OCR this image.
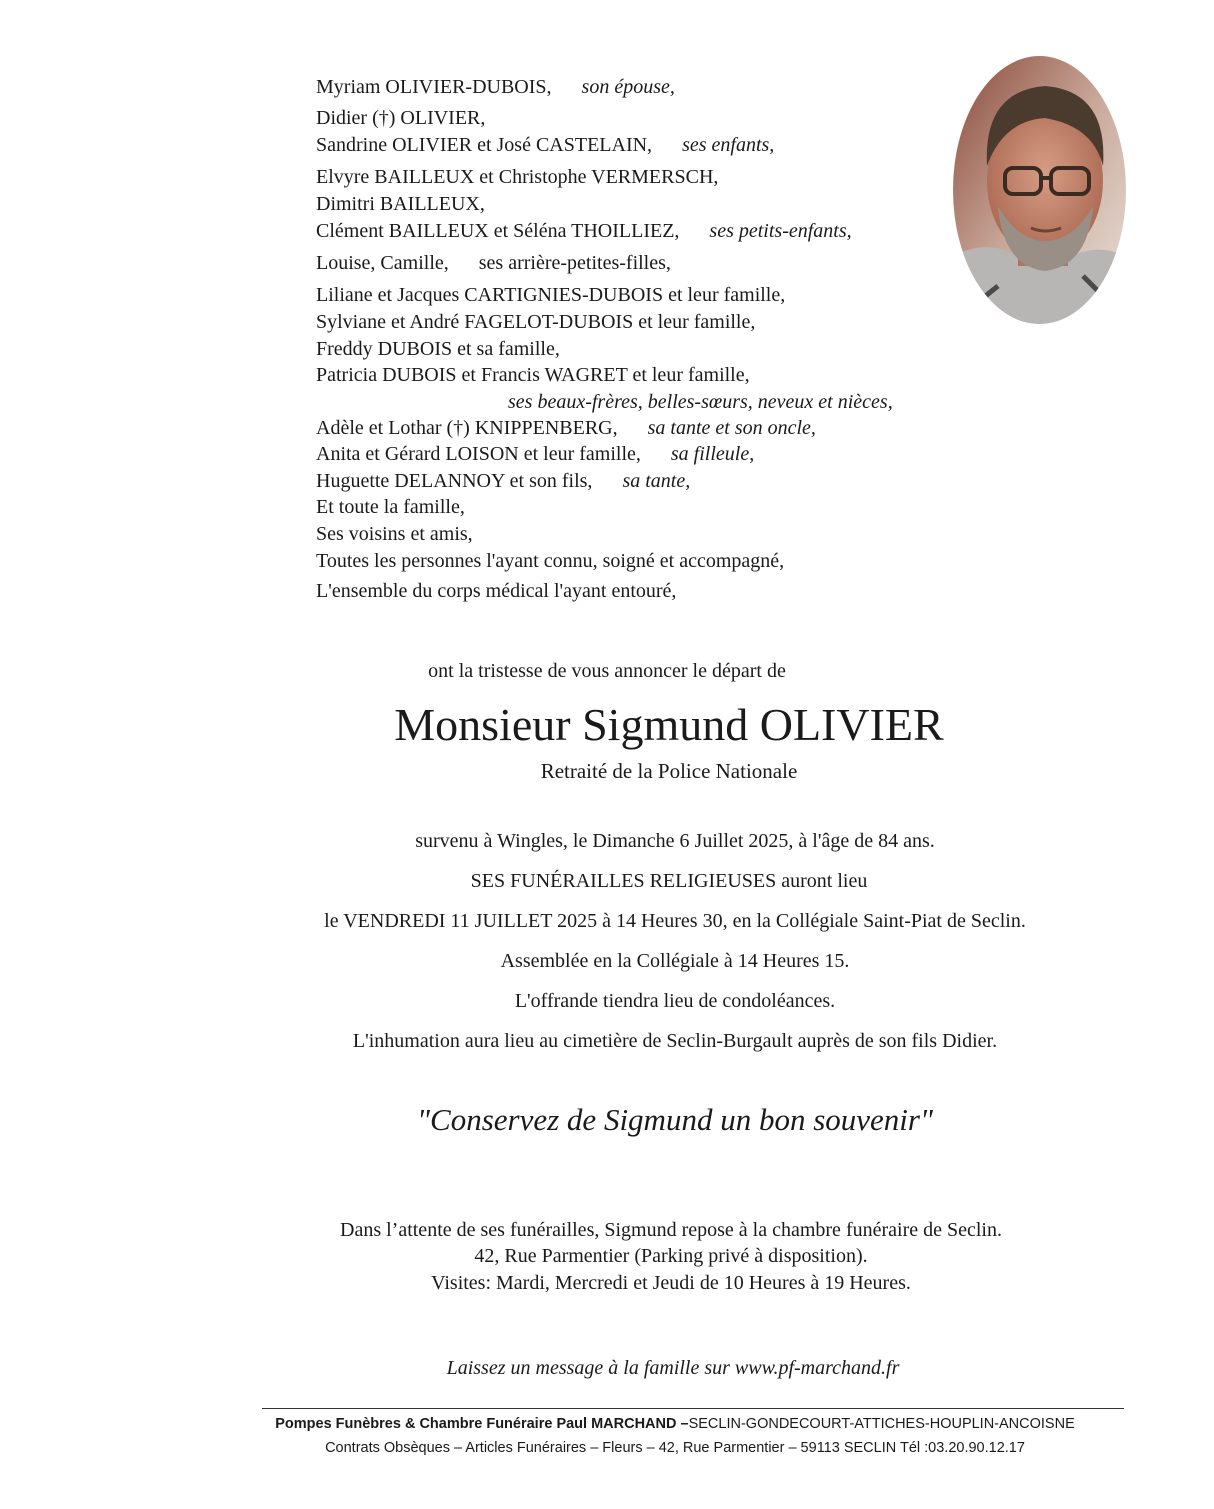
Myriam OLIVIER-DUBOIS, son épouse,
Didier (†) OLIVIER,
Sandrine OLIVIER et José CASTELAIN, ses enfants,
Elvyre BAILLEUX et Christophe VERMERSCH,
Dimitri BAILLEUX,
Clément BAILLEUX et Séléna THOILLIEZ, ses petits-enfants,
Louise, Camille, ses arrière-petites-filles,
Liliane et Jacques CARTIGNIES-DUBOIS et leur famille,
Sylviane et André FAGELOT-DUBOIS et leur famille,
Freddy DUBOIS et sa famille,
Patricia DUBOIS et Francis WAGRET et leur famille,
ses beaux-frères, belles-sœurs, neveux et nièces,
Adèle et Lothar (†) KNIPPENBERG, sa tante et son oncle,
Anita et Gérard LOISON et leur famille, sa filleule,
Huguette DELANNOY et son fils, sa tante,
Et toute la famille,
Ses voisins et amis,
Toutes les personnes l'ayant connu, soigné et accompagné,
L'ensemble du corps médical l'ayant entouré,
ont la tristesse de vous annoncer le départ de
Monsieur Sigmund OLIVIER
Retraité de la Police Nationale
survenu à Wingles, le Dimanche 6 Juillet 2025, à l'âge de 84 ans.
SES FUNÉRAILLES RELIGIEUSES auront lieu
le VENDREDI 11 JUILLET 2025 à 14 Heures 30, en la Collégiale Saint-Piat de Seclin.
Assemblée en la Collégiale à 14 Heures 15.
L'offrande tiendra lieu de condoléances.
L'inhumation aura lieu au cimetière de Seclin-Burgault auprès de son fils Didier.
"Conservez de Sigmund un bon souvenir"
Dans l’attente de ses funérailles, Sigmund repose à la chambre funéraire de Seclin.
42, Rue Parmentier (Parking privé à disposition).
Visites: Mardi, Mercredi et Jeudi de 10 Heures à 19 Heures.
Laissez un message à la famille sur www.pf-marchand.fr
Pompes Funèbres & Chambre Funéraire Paul MARCHAND –SECLIN-GONDECOURT-ATTICHES-HOUPLIN-ANCOISNE
Contrats Obsèques – Articles Funéraires – Fleurs – 42, Rue Parmentier – 59113 SECLIN Tél :03.20.90.12.17
